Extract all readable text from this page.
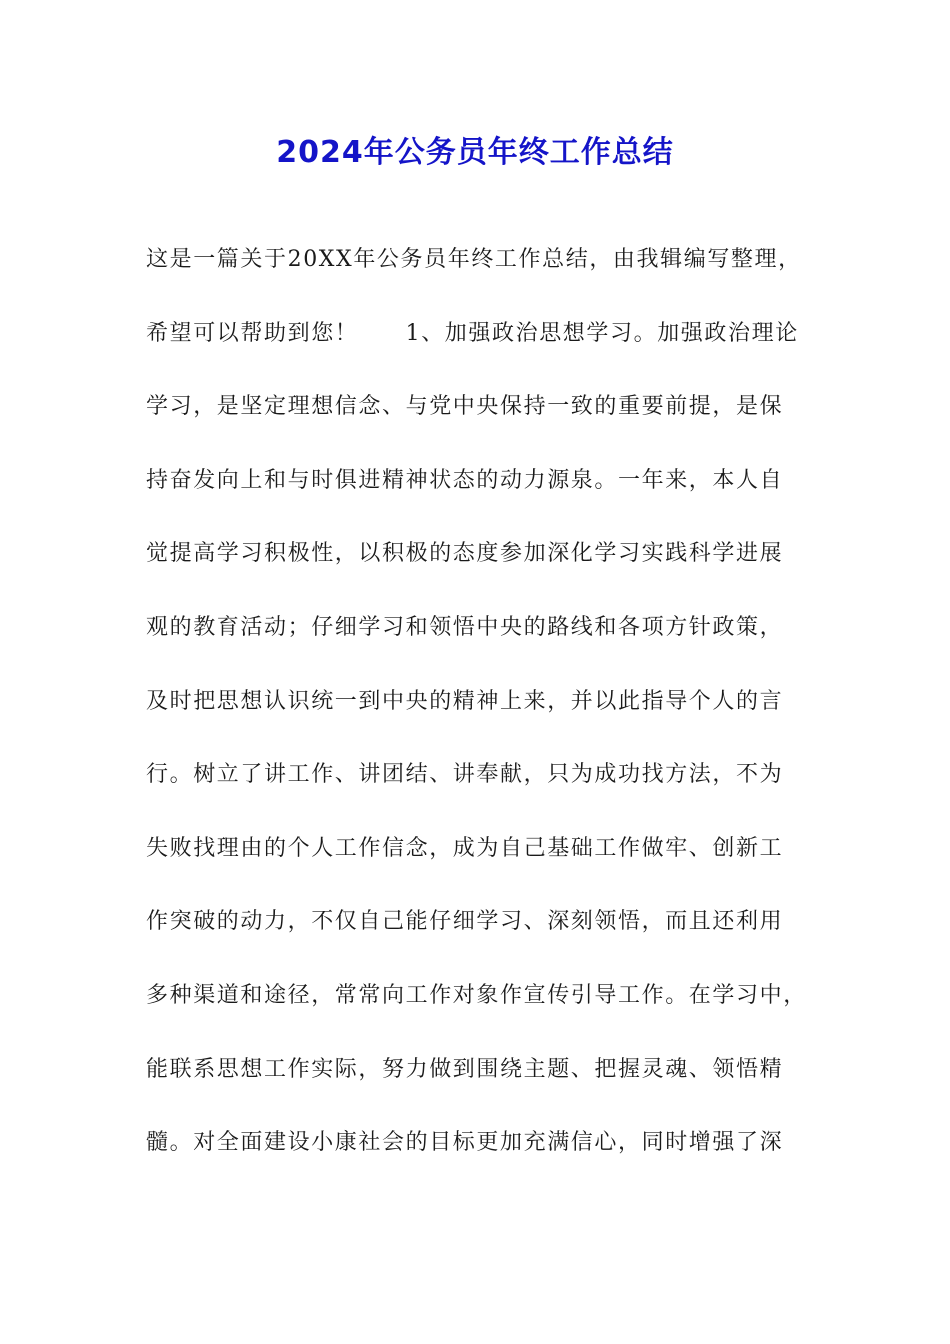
2024年公务员年终工作总结
这是一篇关于20XX年公务员年终工作总结，由我辑编写整理，
希望可以帮助到您！　　1、加强政治思想学习。加强政治理论
学习，是坚定理想信念、与党中央保持一致的重要前提，是保
持奋发向上和与时俱进精神状态的动力源泉。一年来，本人自
觉提高学习积极性，以积极的态度参加深化学习实践科学进展
观的教育活动；仔细学习和领悟中央的路线和各项方针政策，
及时把思想认识统一到中央的精神上来，并以此指导个人的言
行。树立了讲工作、讲团结、讲奉献，只为成功找方法，不为
失败找理由的个人工作信念，成为自己基础工作做牢、创新工
作突破的动力，不仅自己能仔细学习、深刻领悟，而且还利用
多种渠道和途径，常常向工作对象作宣传引导工作。在学习中，
能联系思想工作实际，努力做到围绕主题、把握灵魂、领悟精
髓。对全面建设小康社会的目标更加充满信心，同时增强了深
